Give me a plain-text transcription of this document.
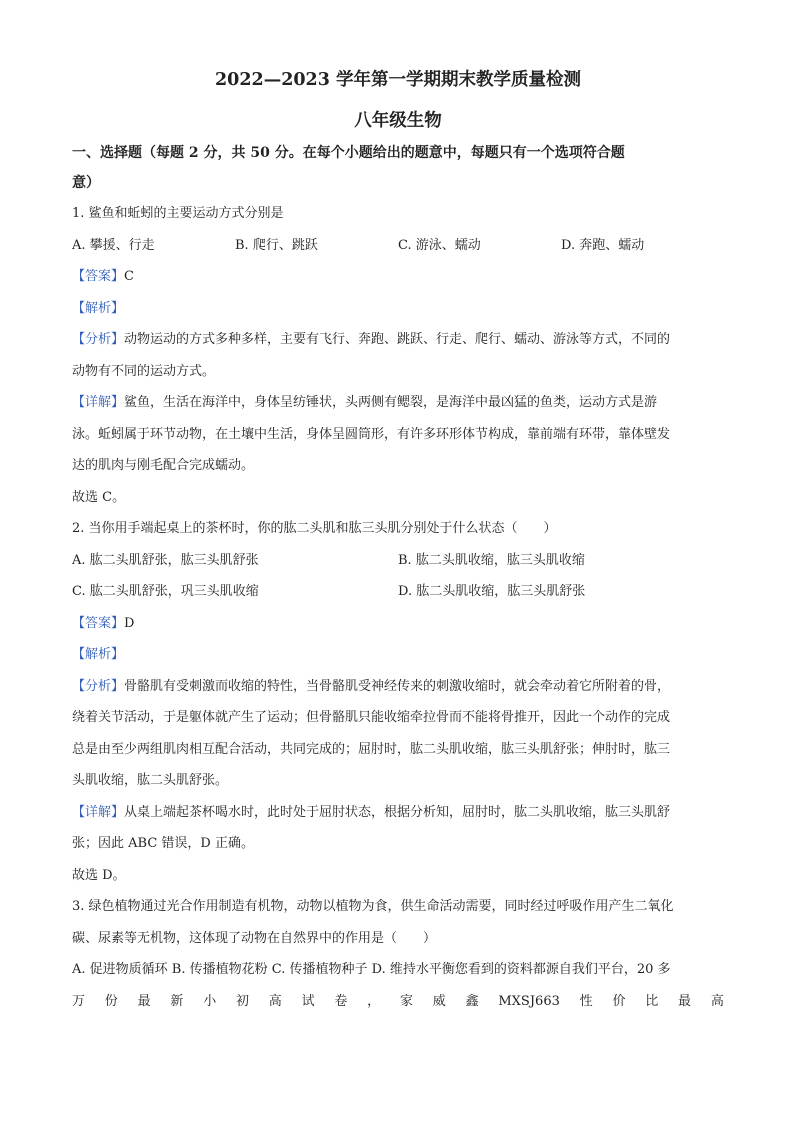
2022—2023 学年第一学期期末教学质量检测
八年级生物
一、选择题（每题 2 分，共 50 分。在每个小题给出的题意中，每题只有一个选项符合题
意）

1. 鲨鱼和蚯蚓的主要运动方式分别是

A. 攀援、行走	B. 爬行、跳跃	C. 游泳、蠕动	D. 奔跑、蠕动

【答案】C

【解析】

【分析】动物运动的方式多种多样，主要有飞行、奔跑、跳跃、行走、爬行、蠕动、游泳等方式，不同的
动物有不同的运动方式。

【详解】鲨鱼，生活在海洋中，身体呈纺锤状，头两侧有鳃裂，是海洋中最凶猛的鱼类，运动方式是游
泳。蚯蚓属于环节动物，在土壤中生活，身体呈圆筒形，有许多环形体节构成，靠前端有环带，靠体壁发
达的肌肉与刚毛配合完成蠕动。

故选 C。

2. 当你用手端起桌上的茶杯时，你的肱二头肌和肱三头肌分别处于什么状态（　　）

A. 肱二头肌舒张，肱三头肌舒张	B. 肱二头肌收缩，肱三头肌收缩
C. 肱二头肌舒张，巩三头肌收缩	D. 肱二头肌收缩，肱三头肌舒张

【答案】D

【解析】

【分析】骨骼肌有受刺激而收缩的特性，当骨骼肌受神经传来的刺激收缩时，就会牵动着它所附着的骨，
绕着关节活动，于是躯体就产生了运动；但骨骼肌只能收缩牵拉骨而不能将骨推开，因此一个动作的完成
总是由至少两组肌肉相互配合活动，共同完成的；屈肘时，肱二头肌收缩，肱三头肌舒张；伸肘时，肱三
头肌收缩，肱二头肌舒张。

【详解】从桌上端起茶杯喝水时，此时处于屈肘状态，根据分析知，屈肘时，肱二头肌收缩，肱三头肌舒
张；因此 ABC 错误，D 正确。

故选 D。

3. 绿色植物通过光合作用制造有机物，动物以植物为食，供生命活动需要，同时经过呼吸作用产生二氧化
碳、尿素等无机物，这体现了动物在自然界中的作用是（　　）

A. 促进物质循环 B. 传播植物花粉 C. 传播植物种子 D. 维持水平衡您看到的资料都源自我们平台，20 多
万 份 最 新 小 初 高 试 卷 ， 家 威 鑫 MXSJ663 性 价 比 最 高
